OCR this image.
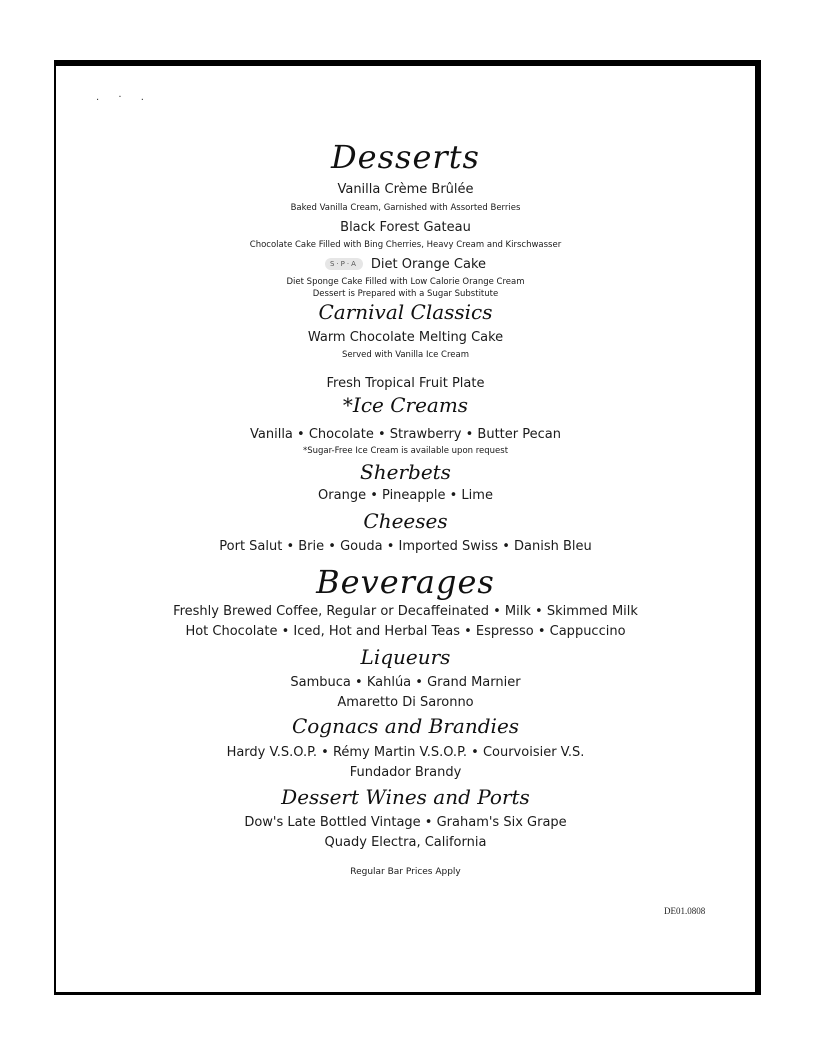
. · .
Desserts
Vanilla Crème Brûlée
Baked Vanilla Cream, Garnished with Assorted Berries
Black Forest Gateau
Chocolate Cake Filled with Bing Cherries, Heavy Cream and Kirschwasser
S·P·A Diet Orange Cake
Diet Sponge Cake Filled with Low Calorie Orange Cream
Dessert is Prepared with a Sugar Substitute
Carnival Classics
Warm Chocolate Melting Cake
Served with Vanilla Ice Cream
Fresh Tropical Fruit Plate
*Ice Creams
Vanilla • Chocolate • Strawberry • Butter Pecan
*Sugar-Free Ice Cream is available upon request
Sherbets
Orange • Pineapple • Lime
Cheeses
Port Salut • Brie • Gouda • Imported Swiss • Danish Bleu
Beverages
Freshly Brewed Coffee, Regular or Decaffeinated • Milk • Skimmed Milk
Hot Chocolate • Iced, Hot and Herbal Teas • Espresso • Cappuccino
Liqueurs
Sambuca • Kahlúa • Grand Marnier
Amaretto Di Saronno
Cognacs and Brandies
Hardy V.S.O.P. • Rémy Martin V.S.O.P. • Courvoisier V.S.
Fundador Brandy
Dessert Wines and Ports
Dow's Late Bottled Vintage • Graham's Six Grape
Quady Electra, California
Regular Bar Prices Apply
DE01.0808
